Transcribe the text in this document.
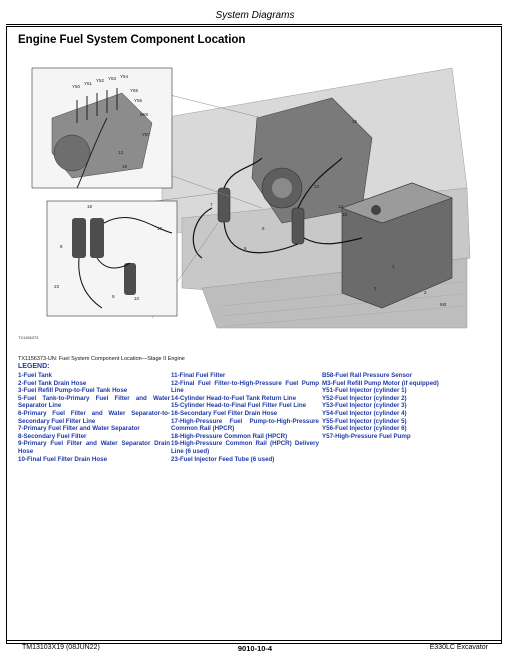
System Diagrams
Engine Fuel System Component Location
Y50
Y51
Y52 Y53 Y54
Y55
Y56
Y57
B58
13
18
17
16
12
14
15
7
1
3
2
8
9	10
23
M3
19
6
5
TX1156373
TX1156373-UN: Fuel System Component Location—Stage II Engine
LEGEND:
1-Fuel Tank
2-Fuel Tank Drain Hose
3-Fuel Refill Pump-to-Fuel Tank Hose
5-Fuel Tank-to-Primary Fuel Filter and Water Separator Line
6-Primary Fuel Filter and Water Separator-to-Secondary Fuel Filter Line
7-Primary Fuel Filter and Water Separator
8-Secondary Fuel Filter
9-Primary Fuel Filter and Water Separator Drain Hose
10-Final Fuel Filter Drain Hose
11-Final Fuel Filter
12-Final Fuel Filter-to-High-Pressure Fuel Pump Line
14-Cylinder Head-to-Fuel Tank Return Line
15-Cylinder Head-to-Final Fuel Filter Fuel Line
16-Secondary Fuel Filter Drain Hose
17-High-Pressure Fuel Pump-to-High-Pressure Common Rail (HPCR)
18-High-Pressure Common Rail (HPCR)
19-High-Pressure Common Rail (HPCR) Delivery Line (6 used)
23-Fuel Injector Feed Tube (6 used)
B58-Fuel Rail Pressure Sensor
M3-Fuel Refill Pump Motor (if equipped)
Y51-Fuel Injector (cylinder 1)
Y52-Fuel Injector (cylinder 2)
Y53-Fuel Injector (cylinder 3)
Y54-Fuel Injector (cylinder 4)
Y55-Fuel Injector (cylinder 5)
Y56-Fuel Injector (cylinder 6)
Y57-High-Pressure Fuel Pump
TM13103X19 (08JUN22)	9010-10-4	E330LC Excavator
